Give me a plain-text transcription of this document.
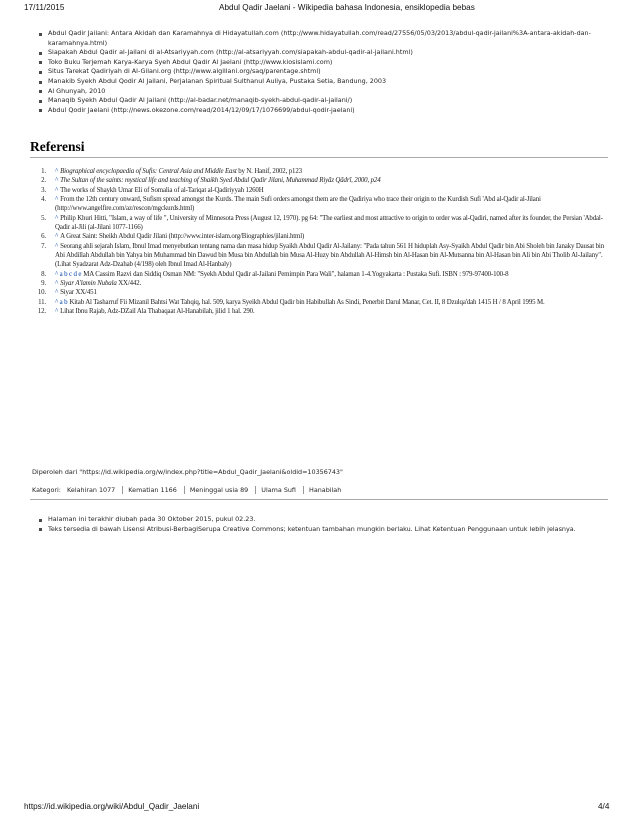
17/11/2015	Abdul Qadir Jaelani - Wikipedia bahasa Indonesia, ensiklopedia bebas
Abdul Qadir Jailani: Antara Akidah dan Karamahnya di Hidayatullah.com (http://www.hidayatullah.com/read/27556/05/03/2013/abdul-qadir-jailani%3A-antara-akidah-dan-karamahnya.html)
Siapakah Abdul Qadir al-Jailani di al-Atsariyyah.com (http://al-atsariyyah.com/siapakah-abdul-qadir-al-jailani.html)
Toko Buku Terjemah Karya-Karya Syeh Abdul Qadir Al Jaelani (http://www.kiosislami.com)
Situs Tarekat Qadiriyah di Al-Gilani.org (http://www.algillani.org/saq/parentage.shtml)
Manakib Syekh Abdul Qodir Al Jailani, Perjalanan Spiritual Sulthanul Auliya, Pustaka Setia, Bandung, 2003
Al Ghunyah, 2010
Manaqib Syekh Abdul Qadir Al Jailani (http://al-badar.net/manaqib-syekh-abdul-qadir-al-jailani/)
Abdul Qodir Jaelani (http://news.okezone.com/read/2014/12/09/17/1076699/abdul-qodir-jaelani)
Referensi
1. ^ Biographical encyclopaedia of Sufis: Central Asia and Middle East by N. Hanif, 2002, p123
2. ^ The Sultan of the saints: mystical life and teaching of Shaikh Syed Abdul Qadir Jilani, Muhammad Riyāz Qādrī, 2000, p24
3. ^ The works of Shaykh Umar Eli of Somalia of al-Tariqat al-Qadiriyyah 1260H
4. ^ From the 12th century onward, Sufism spread amongst the Kurds. The main Sufi orders amongst them are the Qadiriya who trace their origin to the Kurdish Sufi 'Abd al-Qadir al-Jilani (http://www.angelfire.com/az/rescon/mgckurds.html)
5. ^ Philip Khuri Hitti, "Islam, a way of life ", University of Minnesota Press (August 12, 1970). pg 64: "The earliest and most attractive to origin to order was al-Qadiri, named after its founder, the Persian 'Abdal-Qadir al-Jili (al-Jilani 1077-1166)
6. ^ A Great Saint: Sheikh Abdul Qadir Jilani (http://www.inter-islam.org/Biographies/jilani.html)
7. ^ Seorang ahli sejarah Islam, Ibnul Imad menyebutkan tentang nama dan masa hidup Syaikh Abdul Qadir Al-Jailany: "Pada tahun 561 H hiduplah Asy-Syaikh Abdul Qadir bin Abi Sholeh bin Janaky Dausat bin Abi Abdillah Abdullah bin Yahya bin Muhammad bin Dawud bin Musa bin Abdullah bin Musa Al-Huzy bin Abdullah Al-Himsh bin Al-Hasan bin Al-Mutsanna bin Al-Hasan bin Ali bin Abi Tholib Al-Jailany". (Lihat Syadzarat Adz-Dzahab (4/198) oleh Ibnul Imad Al-Hanbaly)
8. ^ a b c d e MA Cassim Razvi dan Siddiq Osman NM: "Syekh Abdul Qadir al-Jailani Pemimpin Para Wali", halaman 1-4.Yogyakarta : Pustaka Sufi. ISBN : 979-97400-100-8
9. ^ Siyar A'lamin Nubala XX/442.
10. ^ Siyar XX/451
11. ^ a b Kitab Al Tasharruf Fii Mizanil Bahtsi Wat Tahqiq, hal. 509, karya Syeikh Abdul Qadir bin Habibullah As Sindi, Penerbit Darul Manar, Cet. II, 8 Dzulqa'dah 1415 H / 8 April 1995 M.
12. ^ Lihat Ibnu Rajab, Adz-DZail Ala Thabaqaat Al-Hanabilah, jilid 1 hal. 290.
Diperoleh dari "https://id.wikipedia.org/w/index.php?title=Abdul_Qadir_Jaelani&oldid=10356743"
Kategori: Kelahiran 1077 Kematian 1166 Meninggal usia 89 Ulama Sufi Hanabilah
Halaman ini terakhir diubah pada 30 Oktober 2015, pukul 02.23.
Teks tersedia di bawah Lisensi Atribusi-BerbagiSerupa Creative Commons; ketentuan tambahan mungkin berlaku. Lihat Ketentuan Penggunaan untuk lebih jelasnya.
https://id.wikipedia.org/wiki/Abdul_Qadir_Jaelani	4/4
